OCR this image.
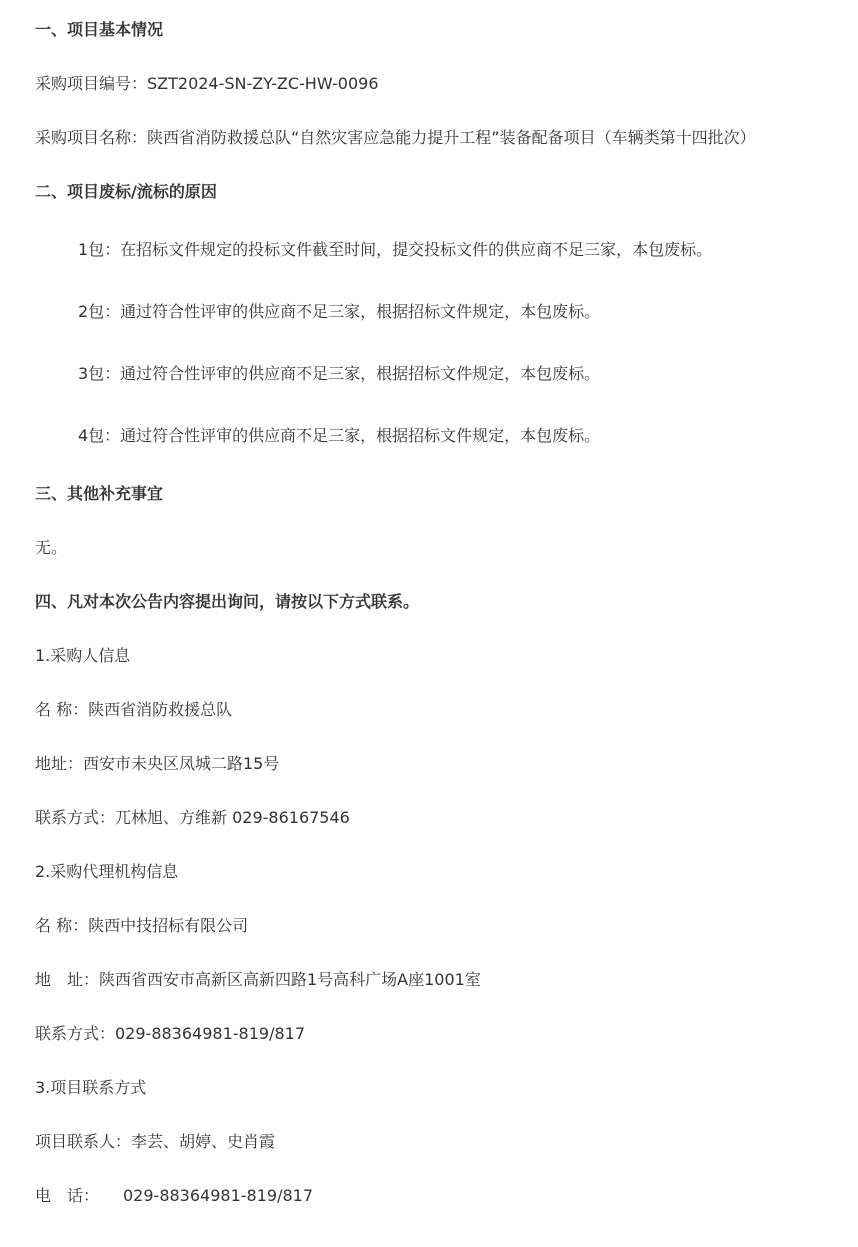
一、项目基本情况
采购项目编号：SZT2024-SN-ZY-ZC-HW-0096
采购项目名称：陕西省消防救援总队“自然灾害应急能力提升工程”装备配备项目（车辆类第十四批次）
二、项目废标/流标的原因
1包：在招标文件规定的投标文件截至时间，提交投标文件的供应商不足三家，本包废标。
2包：通过符合性评审的供应商不足三家，根据招标文件规定，本包废标。
3包：通过符合性评审的供应商不足三家，根据招标文件规定，本包废标。
4包：通过符合性评审的供应商不足三家，根据招标文件规定，本包废标。
三、其他补充事宜
无。
四、凡对本次公告内容提出询问，请按以下方式联系。
1.采购人信息
名 称：陕西省消防救援总队
地址：西安市未央区凤城二路15号
联系方式：兀林旭、方维新 029-86167546
2.采购代理机构信息
名 称：陕西中技招标有限公司
地　址：陕西省西安市高新区高新四路1号高科广场A座1001室
联系方式：029-88364981-819/817
3.项目联系方式
项目联系人：李芸、胡婷、史肖霞
电　话：　　029-88364981-819/817
